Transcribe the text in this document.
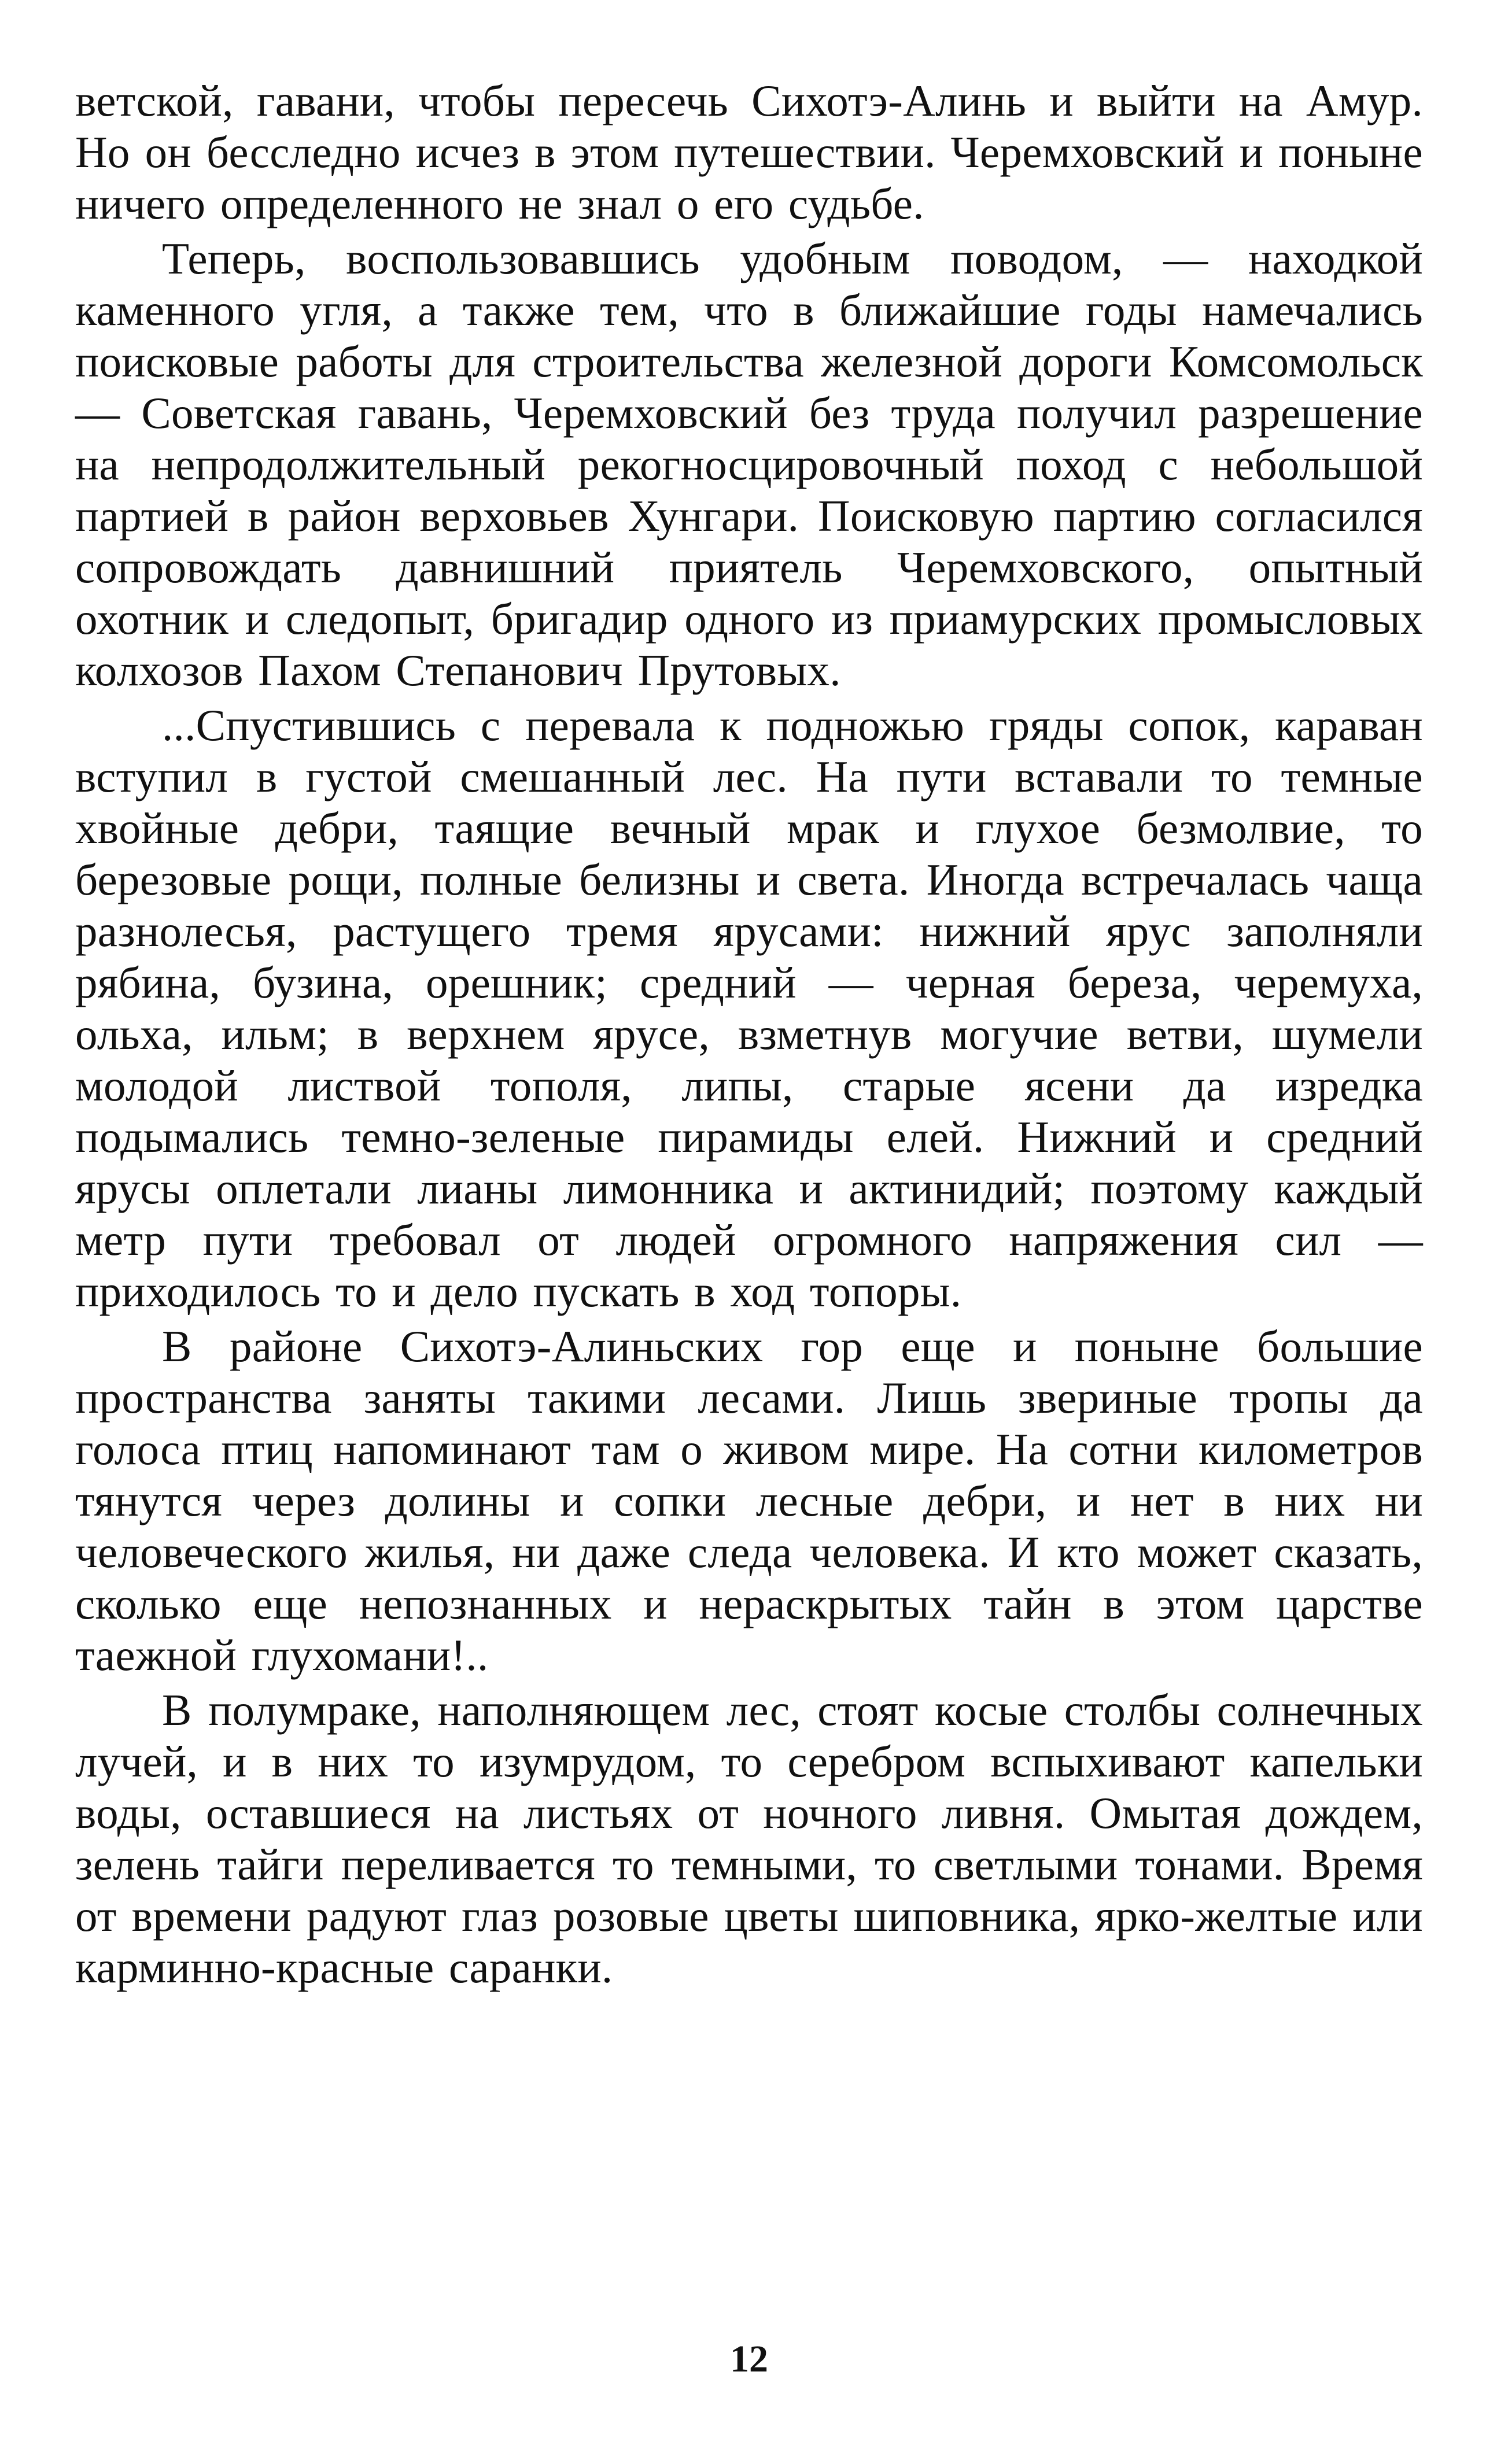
ветской, гавани, чтобы пересечь Сихотэ-Алинь и выйти на Амур. Но он бесследно исчез в этом путешествии. Черемховский и поныне ничего определенного не знал о его судьбе.

Теперь, воспользовавшись удобным поводом, — находкой каменного угля, а также тем, что в ближайшие годы намечались поисковые работы для строительства железной дороги Комсомольск — Советская гавань, Черемховский без труда получил разрешение на непродолжительный рекогносцировочный поход с небольшой партией в район верховьев Хунгари. Поисковую партию согласился сопровождать давнишний приятель Черемховского, опытный охотник и следопыт, бригадир одного из приамурских промысловых колхозов Пахом Степанович Прутовых.

...Спустившись с перевала к подножью гряды сопок, караван вступил в густой смешанный лес. На пути вставали то темные хвойные дебри, таящие вечный мрак и глухое безмолвие, то березовые рощи, полные белизны и света. Иногда встречалась чаща разнолесья, растущего тремя ярусами: нижний ярус заполняли рябина, бузина, орешник; средний — черная береза, черемуха, ольха, ильм; в верхнем ярусе, взметнув могучие ветви, шумели молодой листвой тополя, липы, старые ясени да изредка подымались темно-зеленые пирамиды елей. Нижний и средний ярусы оплетали лианы лимонника и актинидий; поэтому каждый метр пути требовал от людей огромного напряжения сил — приходилось то и дело пускать в ход топоры.

В районе Сихотэ-Алиньских гор еще и поныне большие пространства заняты такими лесами. Лишь звериные тропы да голоса птиц напоминают там о живом мире. На сотни километров тянутся через долины и сопки лесные дебри, и нет в них ни человеческого жилья, ни даже следа человека. И кто может сказать, сколько еще непознанных и нераскрытых тайн в этом царстве таежной глухомани!..

В полумраке, наполняющем лес, стоят косые столбы солнечных лучей, и в них то изумрудом, то серебром вспыхивают капельки воды, оставшиеся на листьях от ночного ливня. Омытая дождем, зелень тайги переливается то темными, то светлыми тонами. Время от времени радуют глаз розовые цветы шиповника, ярко-желтые или карминно-красные саранки.

12
